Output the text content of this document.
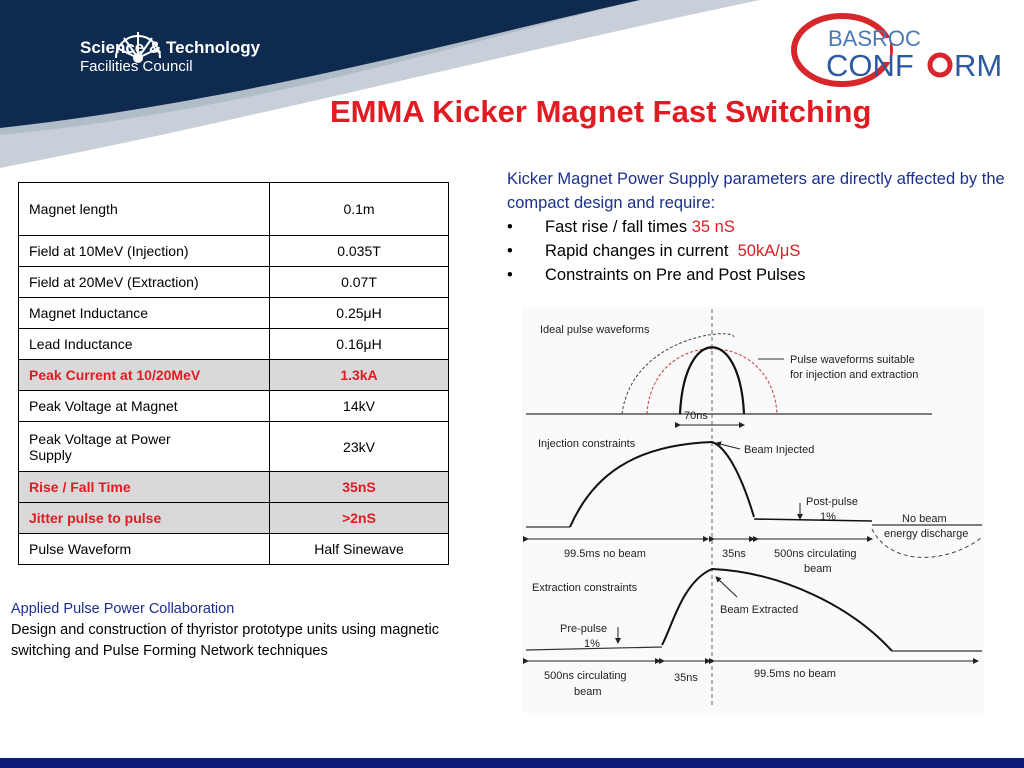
Science & Technology
Facilities Council
BASROC
CONF RM
EMMA Kicker Magnet Fast Switching
Magnet length	0.1m
Field at 10MeV (Injection)	0.035T
Field at 20MeV (Extraction)	0.07T
Magnet Inductance	0.25μH
Lead Inductance	0.16μH
Peak Current at 10/20MeV	1.3kA
Peak Voltage at Magnet	14kV
Peak Voltage at Power Supply	23kV
Rise / Fall Time	35nS
Jitter pulse to pulse	>2nS
Pulse Waveform	Half Sinewave
Kicker Magnet Power Supply parameters are directly affected by the compact design and require:
• Fast rise / fall times 35 nS
• Rapid changes in current  50kA/μS
• Constraints on Pre and Post Pulses
Applied Pulse Power Collaboration
Design and construction of thyristor prototype units using magnetic switching and Pulse Forming Network techniques
Ideal pulse waveforms
Pulse waveforms suitable
for injection and extraction
70ns
Injection constraints	Beam Injected
Post-pulse
1%	No beam
energy discharge
99.5ms no beam	35ns	500ns circulating
beam
Extraction constraints
Beam Extracted
Pre-pulse
1%
500ns circulating
beam
35ns	99.5ms no beam
